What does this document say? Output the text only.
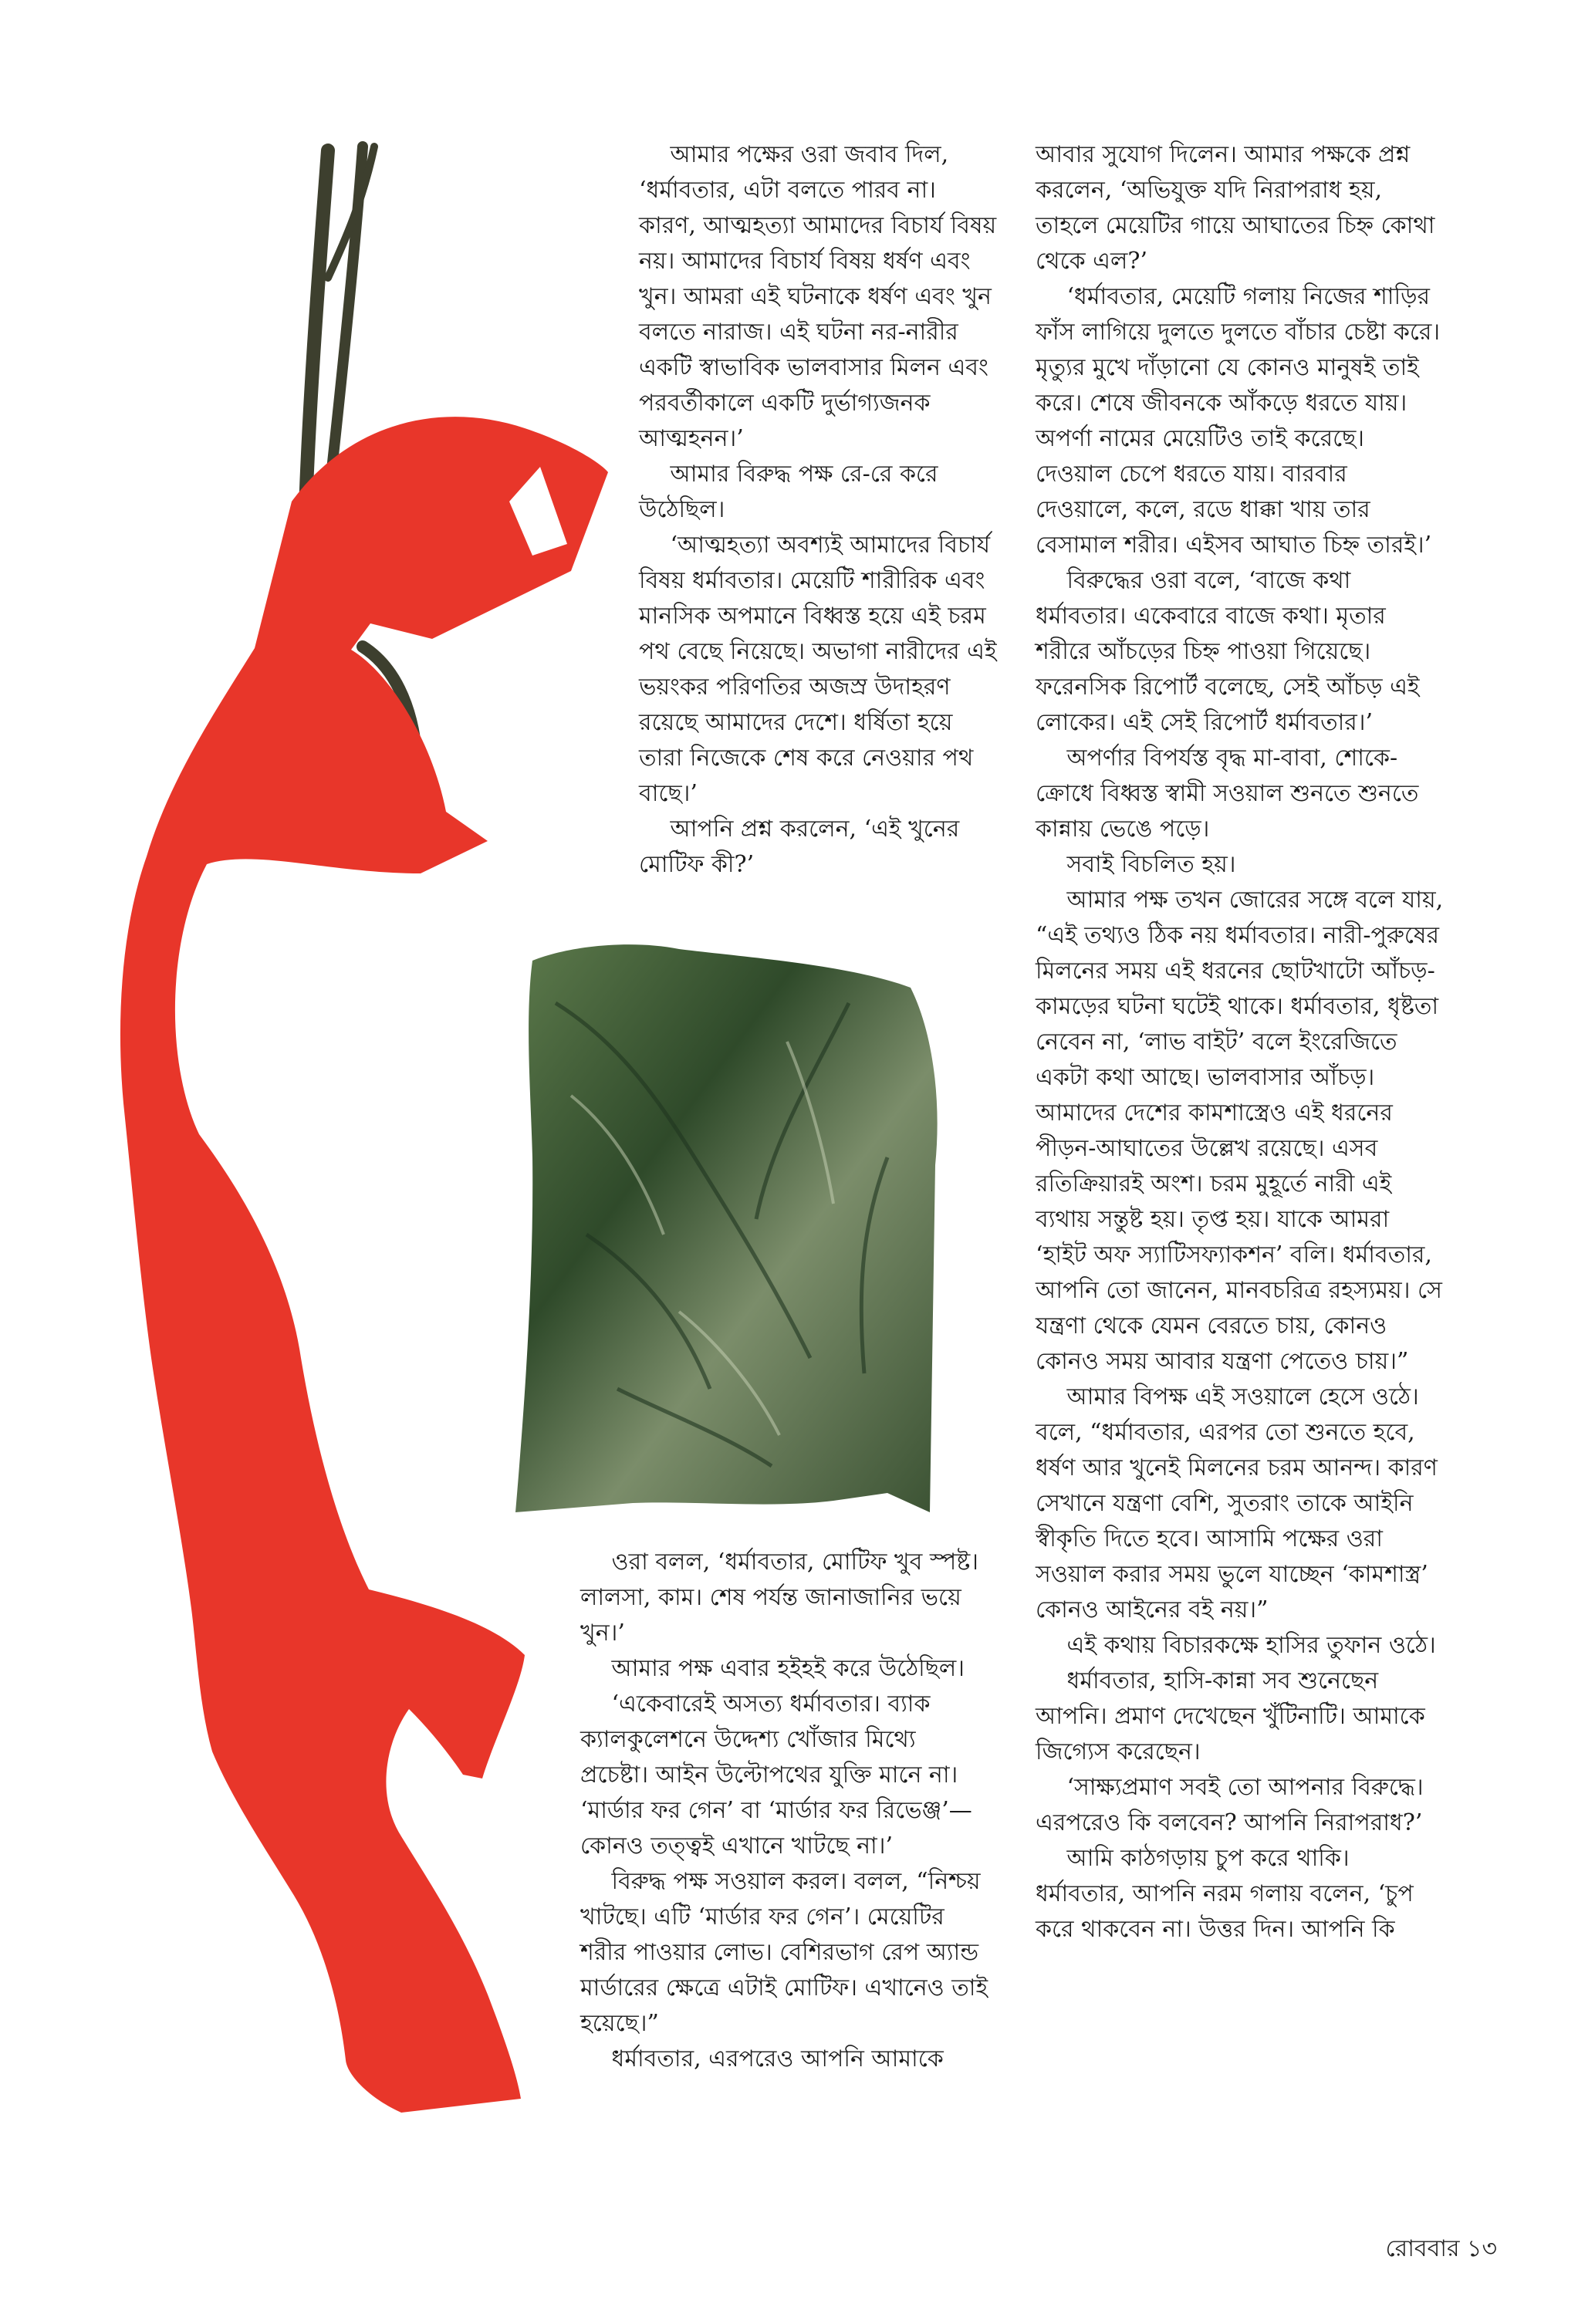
আমার পক্ষের ওরা জবাব দিল, ‘ধর্মাবতার, এটা বলতে পারব না। কারণ, আত্মহত্যা আমাদের বিচার্য বিষয় নয়। আমাদের বিচার্য বিষয় ধর্ষণ এবং খুন। আমরা এই ঘটনাকে ধর্ষণ এবং খুন বলতে নারাজ। এই ঘটনা নর-নারীর একটি স্বাভাবিক ভালবাসার মিলন এবং পরবর্তীকালে একটি দুর্ভাগ্যজনক আত্মহনন।’

আমার বিরুদ্ধ পক্ষ রে-রে করে উঠেছিল।

‘আত্মহত্যা অবশ্যই আমাদের বিচার্য বিষয় ধর্মাবতার। মেয়েটি শারীরিক এবং মানসিক অপমানে বিধ্বস্ত হয়ে এই চরম পথ বেছে নিয়েছে। অভাগা নারীদের এই ভয়ংকর পরিণতির অজস্র উদাহরণ রয়েছে আমাদের দেশে। ধর্ষিতা হয়ে তারা নিজেকে শেষ করে নেওয়ার পথ বাছে।’

আপনি প্রশ্ন করলেন, ‘এই খুনের মোটিফ কী?’

ওরা বলল, ‘ধর্মাবতার, মোটিফ খুব স্পষ্ট। লালসা, কাম। শেষ পর্যন্ত জানাজানির ভয়ে খুন।’

আমার পক্ষ এবার হইহই করে উঠেছিল।

‘একেবারেই অসত্য ধর্মাবতার। ব্যাক ক্যালকুলেশনে উদ্দেশ্য খোঁজার মিথ্যে প্রচেষ্টা। আইন উল্টোপথের যুক্তি মানে না। ‘মার্ডার ফর গেন’ বা ‘মার্ডার ফর রিভেঞ্জ’— কোনও তত্ত্বই এখানে খাটছে না।’

বিরুদ্ধ পক্ষ সওয়াল করল। বলল, “নিশ্চয় খাটছে। এটি ‘মার্ডার ফর গেন’। মেয়েটির শরীর পাওয়ার লোভ। বেশিরভাগ রেপ অ্যান্ড মার্ডারের ক্ষেত্রে এটাই মোটিফ। এখানেও তাই হয়েছে।”

ধর্মাবতার, এরপরেও আপনি আমাকে

আবার সুযোগ দিলেন। আমার পক্ষকে প্রশ্ন করলেন, ‘অভিযুক্ত যদি নিরাপরাধ হয়, তাহলে মেয়েটির গায়ে আঘাতের চিহ্ন কোথা থেকে এল?’

‘ধর্মাবতার, মেয়েটি গলায় নিজের শাড়ির ফাঁস লাগিয়ে দুলতে দুলতে বাঁচার চেষ্টা করে। মৃত্যুর মুখে দাঁড়ানো যে কোনও মানুষই তাই করে। শেষে জীবনকে আঁকড়ে ধরতে যায়। অপর্ণা নামের মেয়েটিও তাই করেছে। দেওয়াল চেপে ধরতে যায়। বারবার দেওয়ালে, কলে, রডে ধাক্কা খায় তার বেসামাল শরীর। এইসব আঘাত চিহ্ন তারই।’

বিরুদ্ধের ওরা বলে, ‘বাজে কথা ধর্মাবতার। একেবারে বাজে কথা। মৃতার শরীরে আঁচড়ের চিহ্ন পাওয়া গিয়েছে। ফরেনসিক রিপোর্ট বলেছে, সেই আঁচড় এই লোকের। এই সেই রিপোর্ট ধর্মাবতার।’

অপর্ণার বিপর্যস্ত বৃদ্ধ মা-বাবা, শোকে-ক্রোধে বিধ্বস্ত স্বামী সওয়াল শুনতে শুনতে কান্নায় ভেঙে পড়ে।

সবাই বিচলিত হয়।

আমার পক্ষ তখন জোরের সঙ্গে বলে যায়, “এই তথ্যও ঠিক নয় ধর্মাবতার। নারী-পুরুষের মিলনের সময় এই ধরনের ছোটখাটো আঁচড়-কামড়ের ঘটনা ঘটেই থাকে। ধর্মাবতার, ধৃষ্টতা নেবেন না, ‘লাভ বাইট’ বলে ইংরেজিতে একটা কথা আছে। ভালবাসার আঁচড়। আমাদের দেশের কামশাস্ত্রেও এই ধরনের পীড়ন-আঘাতের উল্লেখ রয়েছে। এসব রতিক্রিয়ারই অংশ। চরম মুহূর্তে নারী এই ব্যথায় সন্তুষ্ট হয়। তৃপ্ত হয়। যাকে আমরা ‘হাইট অফ স্যাটিসফ্যাকশন’ বলি। ধর্মাবতার, আপনি তো জানেন, মানবচরিত্র রহস্যময়। সে যন্ত্রণা থেকে যেমন বেরতে চায়, কোনও কোনও সময় আবার যন্ত্রণা পেতেও চায়।”

আমার বিপক্ষ এই সওয়ালে হেসে ওঠে। বলে, “ধর্মাবতার, এরপর তো শুনতে হবে, ধর্ষণ আর খুনেই মিলনের চরম আনন্দ। কারণ সেখানে যন্ত্রণা বেশি, সুতরাং তাকে আইনি স্বীকৃতি দিতে হবে। আসামি পক্ষের ওরা সওয়াল করার সময় ভুলে যাচ্ছেন ‘কামশাস্ত্র’ কোনও আইনের বই নয়।”

এই কথায় বিচারকক্ষে হাসির তুফান ওঠে।

ধর্মাবতার, হাসি-কান্না সব শুনেছেন আপনি। প্রমাণ দেখেছেন খুঁটিনাটি। আমাকে জিগ্যেস করেছেন।

‘সাক্ষ্যপ্রমাণ সবই তো আপনার বিরুদ্ধে। এরপরেও কি বলবেন? আপনি নিরাপরাধ?’

আমি কাঠগড়ায় চুপ করে থাকি। ধর্মাবতার, আপনি নরম গলায় বলেন, ‘চুপ করে থাকবেন না। উত্তর দিন। আপনি কি

রোববার ১৩
